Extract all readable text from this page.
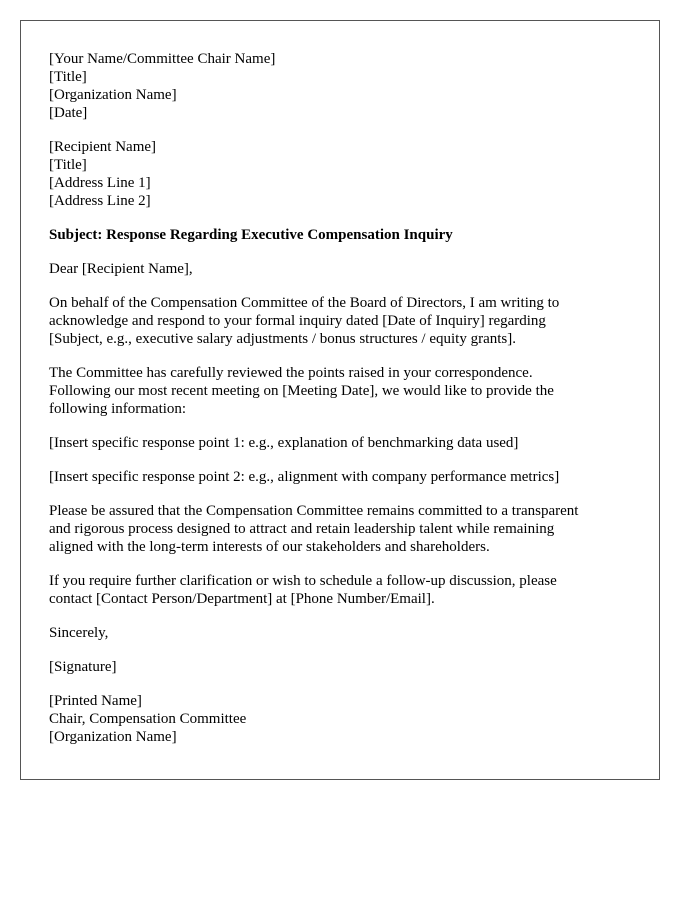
[Your Name/Committee Chair Name]
[Title]
[Organization Name]
[Date]
[Recipient Name]
[Title]
[Address Line 1]
[Address Line 2]
Subject: Response Regarding Executive Compensation Inquiry
Dear [Recipient Name],
On behalf of the Compensation Committee of the Board of Directors, I am writing to
acknowledge and respond to your formal inquiry dated [Date of Inquiry] regarding
[Subject, e.g., executive salary adjustments / bonus structures / equity grants].
The Committee has carefully reviewed the points raised in your correspondence.
Following our most recent meeting on [Meeting Date], we would like to provide the
following information:
[Insert specific response point 1: e.g., explanation of benchmarking data used]
[Insert specific response point 2: e.g., alignment with company performance metrics]
Please be assured that the Compensation Committee remains committed to a transparent
and rigorous process designed to attract and retain leadership talent while remaining
aligned with the long-term interests of our stakeholders and shareholders.
If you require further clarification or wish to schedule a follow-up discussion, please
contact [Contact Person/Department] at [Phone Number/Email].
Sincerely,
[Signature]
[Printed Name]
Chair, Compensation Committee
[Organization Name]
